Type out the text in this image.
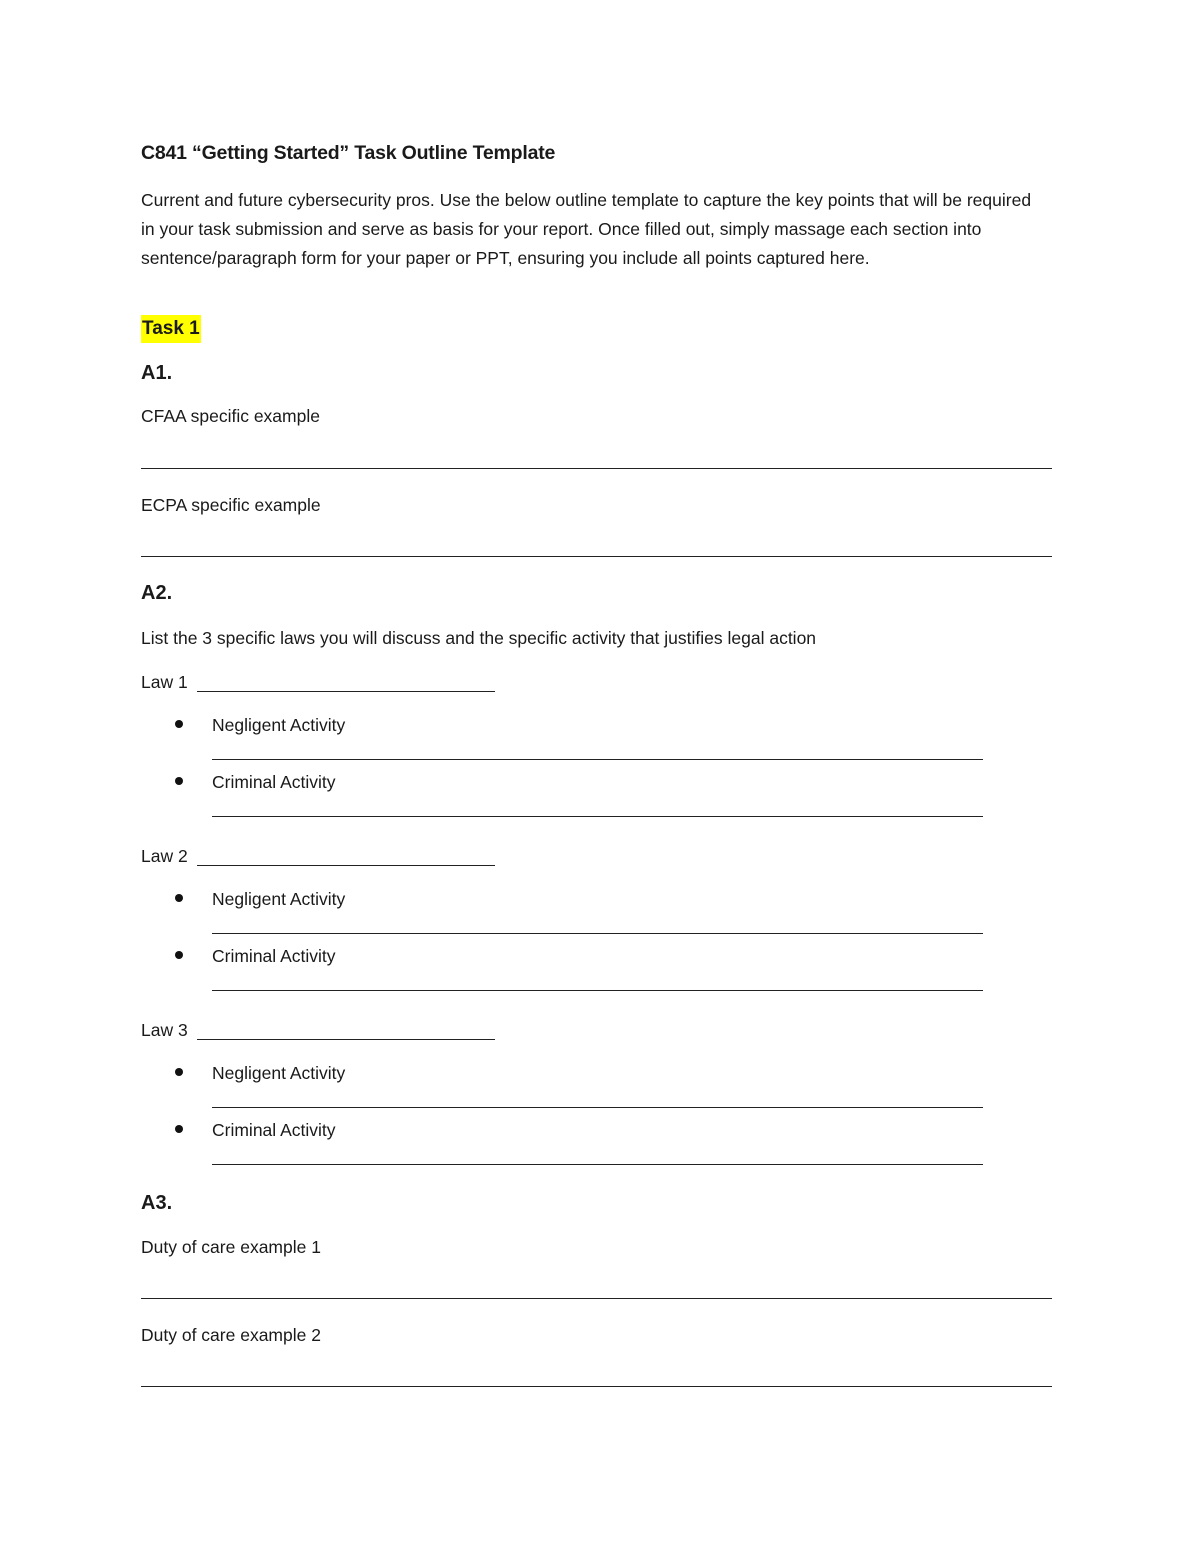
C841 “Getting Started” Task Outline Template
Current and future cybersecurity pros. Use the below outline template to capture the key points that will be required in your task submission and serve as basis for your report. Once filled out, simply massage each section into sentence/paragraph form for your paper or PPT, ensuring you include all points captured here.
Task 1
A1.
CFAA specific example
ECPA specific example
A2.
List the 3 specific laws you will discuss and the specific activity that justifies legal action
Law 1
Negligent Activity
Criminal Activity
Law 2
Negligent Activity
Criminal Activity
Law 3
Negligent Activity
Criminal Activity
A3.
Duty of care example 1
Duty of care example 2
